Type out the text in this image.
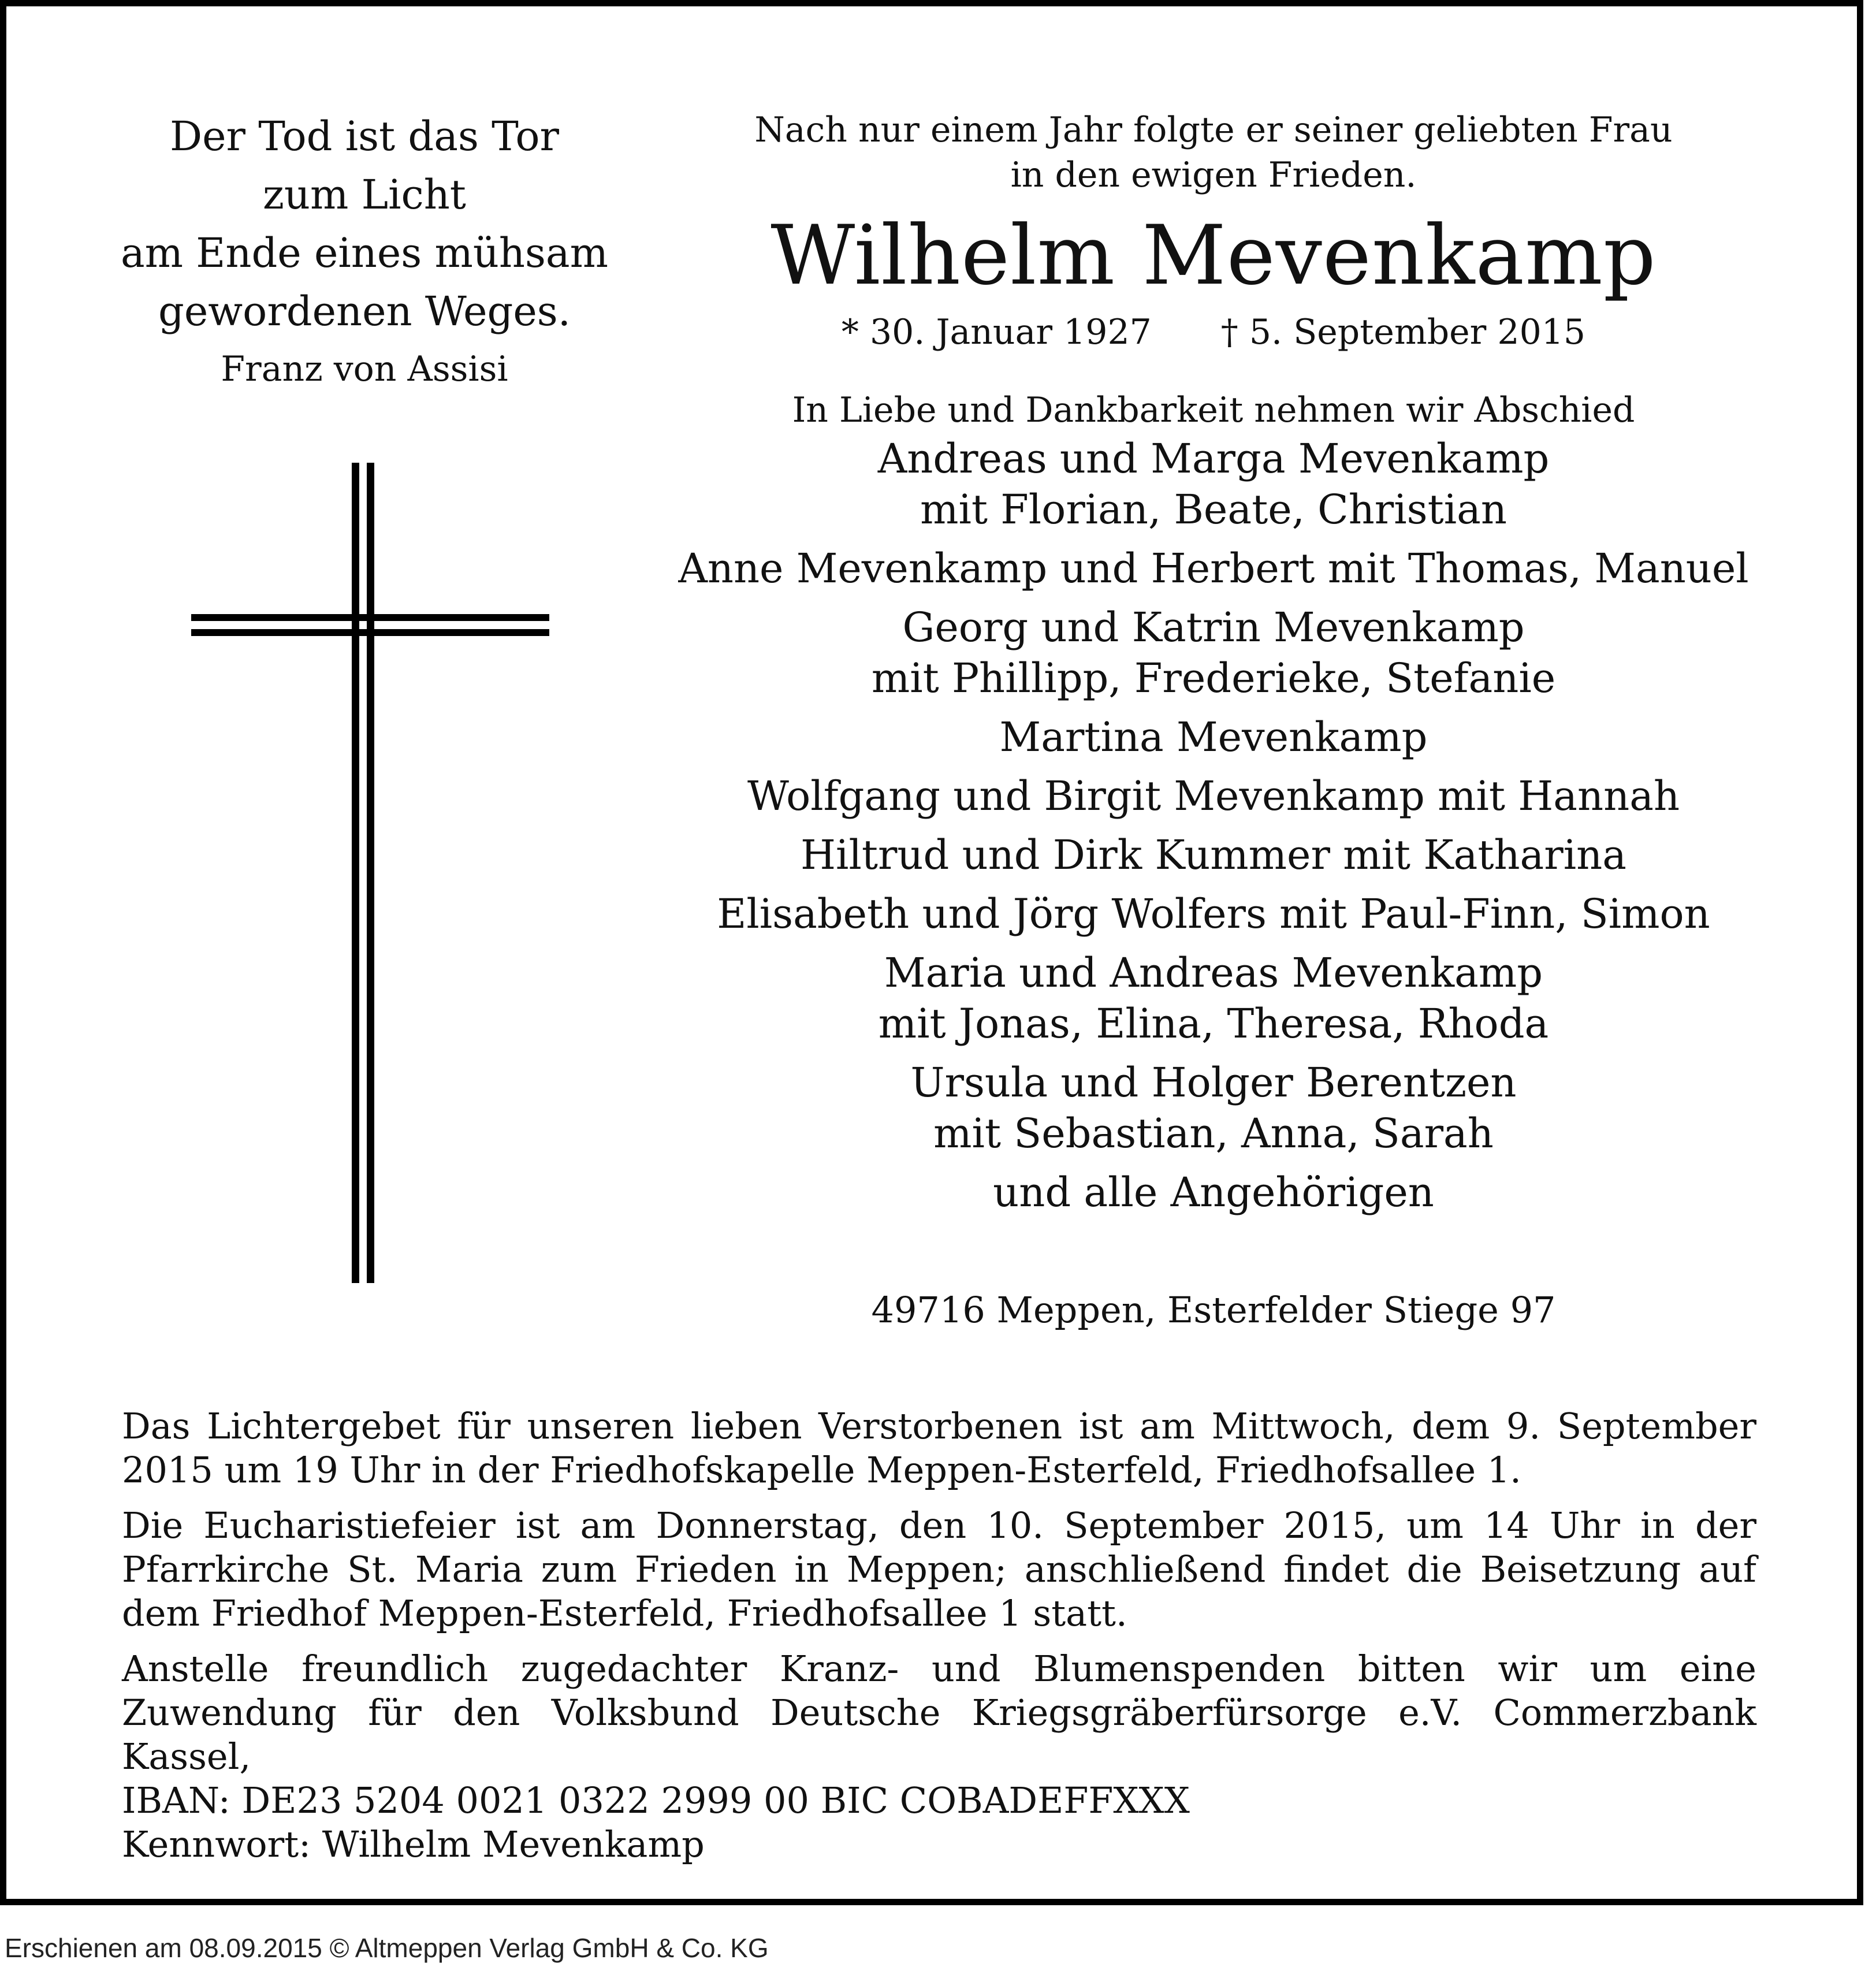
Der Tod ist das Tor
zum Licht
am Ende eines mühsam
gewordenen Weges.
Franz von Assisi
Nach nur einem Jahr folgte er seiner geliebten Frau
in den ewigen Frieden.
Wilhelm Mevenkamp
* 30. Januar 1927 † 5. September 2015
In Liebe und Dankbarkeit nehmen wir Abschied
Andreas und Marga Mevenkamp
mit Florian, Beate, Christian
Anne Mevenkamp und Herbert mit Thomas, Manuel
Georg und Katrin Mevenkamp
mit Phillipp, Frederieke, Stefanie
Martina Mevenkamp
Wolfgang und Birgit Mevenkamp mit Hannah
Hiltrud und Dirk Kummer mit Katharina
Elisabeth und Jörg Wolfers mit Paul-Finn, Simon
Maria und Andreas Mevenkamp
mit Jonas, Elina, Theresa, Rhoda
Ursula und Holger Berentzen
mit Sebastian, Anna, Sarah
und alle Angehörigen
49716 Meppen, Esterfelder Stiege 97

Das Lichtergebet für unseren lieben Verstorbenen ist am Mittwoch, dem 9. September 2015 um 19 Uhr in der Friedhofskapelle Meppen-Esterfeld, Friedhofsallee 1.

Die Eucharistiefeier ist am Donnerstag, den 10. September 2015, um 14 Uhr in der Pfarrkirche St. Maria zum Frieden in Meppen; anschließend findet die Beisetzung auf dem Friedhof Meppen-Esterfeld, Friedhofsallee 1 statt.

Anstelle freundlich zugedachter Kranz- und Blumenspenden bitten wir um eine Zuwendung für den Volksbund Deutsche Kriegsgräberfürsorge e.V. Commerzbank Kassel,
IBAN: DE23 5204 0021 0322 2999 00 BIC COBADEFFXXX
Kennwort: Wilhelm Mevenkamp

Erschienen am 08.09.2015 © Altmeppen Verlag GmbH & Co. KG
